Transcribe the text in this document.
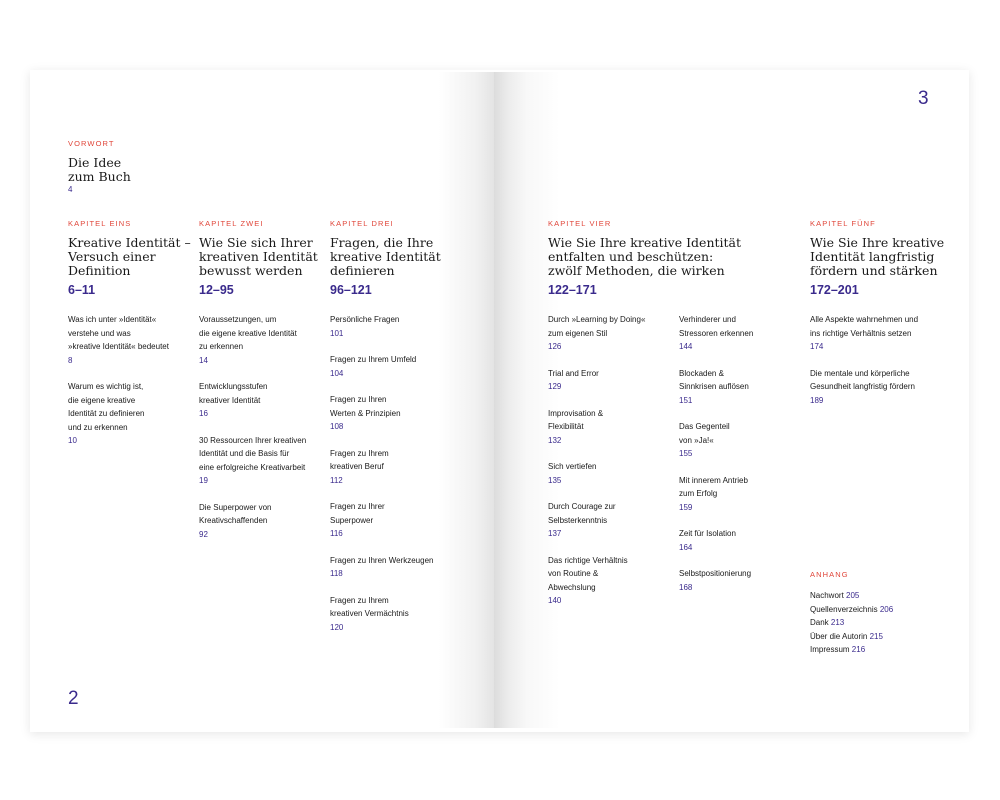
VORWORT
Die Idee
zum Buch
4
KAPITEL EINS
Kreative Identität –
Versuch einer
Definition
6–11
Was ich unter »Identität«
verstehe und was
»kreative Identität« bedeutet
8
Warum es wichtig ist,
die eigene kreative
Identität zu definieren
und zu erkennen
10
KAPITEL ZWEI
Wie Sie sich Ihrer
kreativen Identität
bewusst werden
12–95
Voraussetzungen, um
die eigene kreative Identität
zu erkennen
14
Entwicklungsstufen
kreativer Identität
16
30 Ressourcen Ihrer kreativen
Identität und die Basis für
eine erfolgreiche Kreativarbeit
19
Die Superpower von
Kreativschaffenden
92
KAPITEL DREI
Fragen, die Ihre
kreative Identität
definieren
96–121
Persönliche Fragen
101
Fragen zu Ihrem Umfeld
104
Fragen zu Ihren
Werten & Prinzipien
108
Fragen zu Ihrem
kreativen Beruf
112
Fragen zu Ihrer
Superpower
116
Fragen zu Ihren Werkzeugen
118
Fragen zu Ihrem
kreativen Vermächtnis
120
KAPITEL VIER
Wie Sie Ihre kreative Identität
entfalten und beschützen:
zwölf Methoden, die wirken
122–171
Durch »Learning by Doing«
zum eigenen Stil
126
Trial and Error
129
Improvisation &
Flexibilität
132
Sich vertiefen
135
Durch Courage zur
Selbsterkenntnis
137
Das richtige Verhältnis
von Routine &
Abwechslung
140
Verhinderer und
Stressoren erkennen
144
Blockaden &
Sinnkrisen auflösen
151
Das Gegenteil
von »Ja!«
155
Mit innerem Antrieb
zum Erfolg
159
Zeit für Isolation
164
Selbstpositionierung
168
KAPITEL FÜNF
Wie Sie Ihre kreative
Identität langfristig
fördern und stärken
172–201
Alle Aspekte wahrnehmen und
ins richtige Verhältnis setzen
174
Die mentale und körperliche
Gesundheit langfristig fördern
189
ANHANG
Nachwort 205
Quellenverzeichnis 206
Dank 213
Über die Autorin 215
Impressum 216
2
3
